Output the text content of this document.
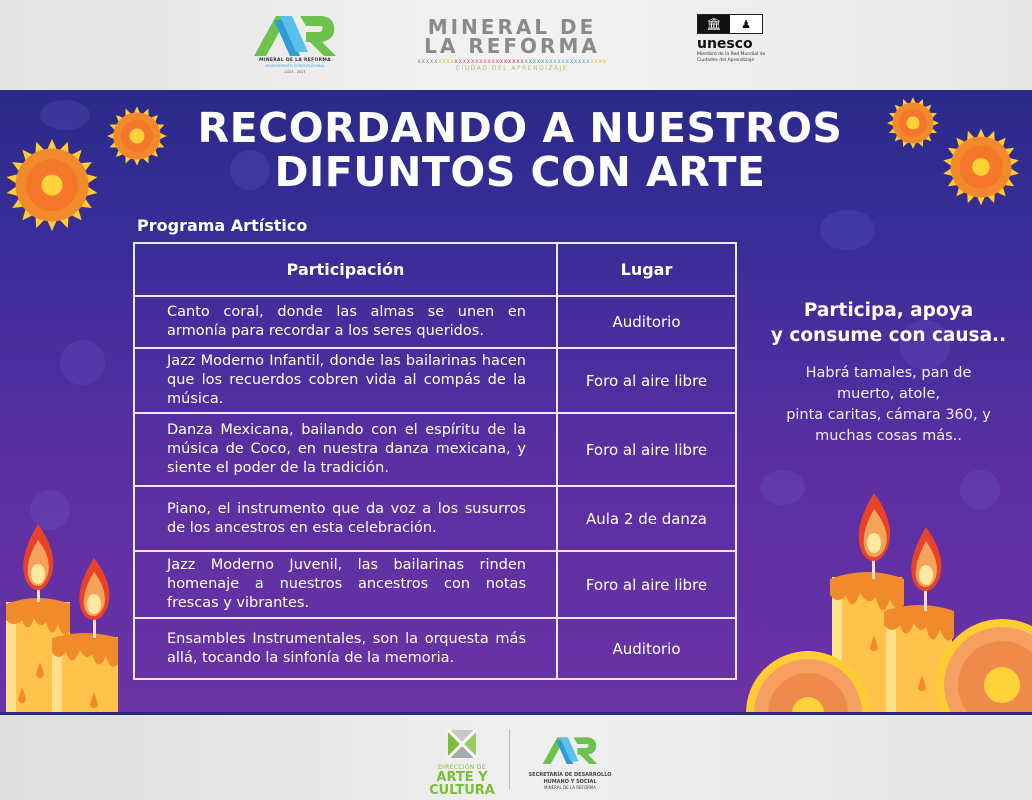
MINERAL DE LA REFORMA
AYUNTAMIENTO CONSTITUCIONAL
2024 - 2027
MINERAL DE
LA REFORMA
xxxxxxxxxxxxxxxxxxxxxxxxxxxxxxxxxxxxxxxxxxxxxx
CIUDAD DEL APRENDIZAJE
🏛	♟
unesco
Miembro de la Red Mundial de Ciudades del Aprendizaje
RECORDANDO A NUESTROS
DIFUNTOS CON ARTE
Programa Artístico
Participación	Lugar
Canto coral, donde las almas se unen en armonía para recordar a los seres queridos.	Auditorio
Jazz Moderno Infantil, donde las bailarinas hacen que los recuerdos cobren vida al compás de la música.	Foro al aire libre
Danza Mexicana, bailando con el espíritu de la música de Coco, en nuestra danza mexicana, y siente el poder de la tradición.	Foro al aire libre
Piano, el instrumento que da voz a los susurros de los ancestros en esta celebración.	Aula 2 de danza
Jazz Moderno Juvenil, las bailarinas rinden homenaje a nuestros ancestros con notas frescas y vibrantes.	Foro al aire libre
Ensambles Instrumentales, son la orquesta más allá, tocando la sinfonía de la memoria.	Auditorio
Participa, apoya
y consume con causa..
Habrá tamales, pan de
muerto, atole,
pinta caritas, cámara 360, y
muchas cosas más..
DIRECCIÓN DE
ARTE Y
CULTURA
SECRETARÍA DE DESARROLLO
HUMANO Y SOCIAL
MINERAL DE LA REFORMA
